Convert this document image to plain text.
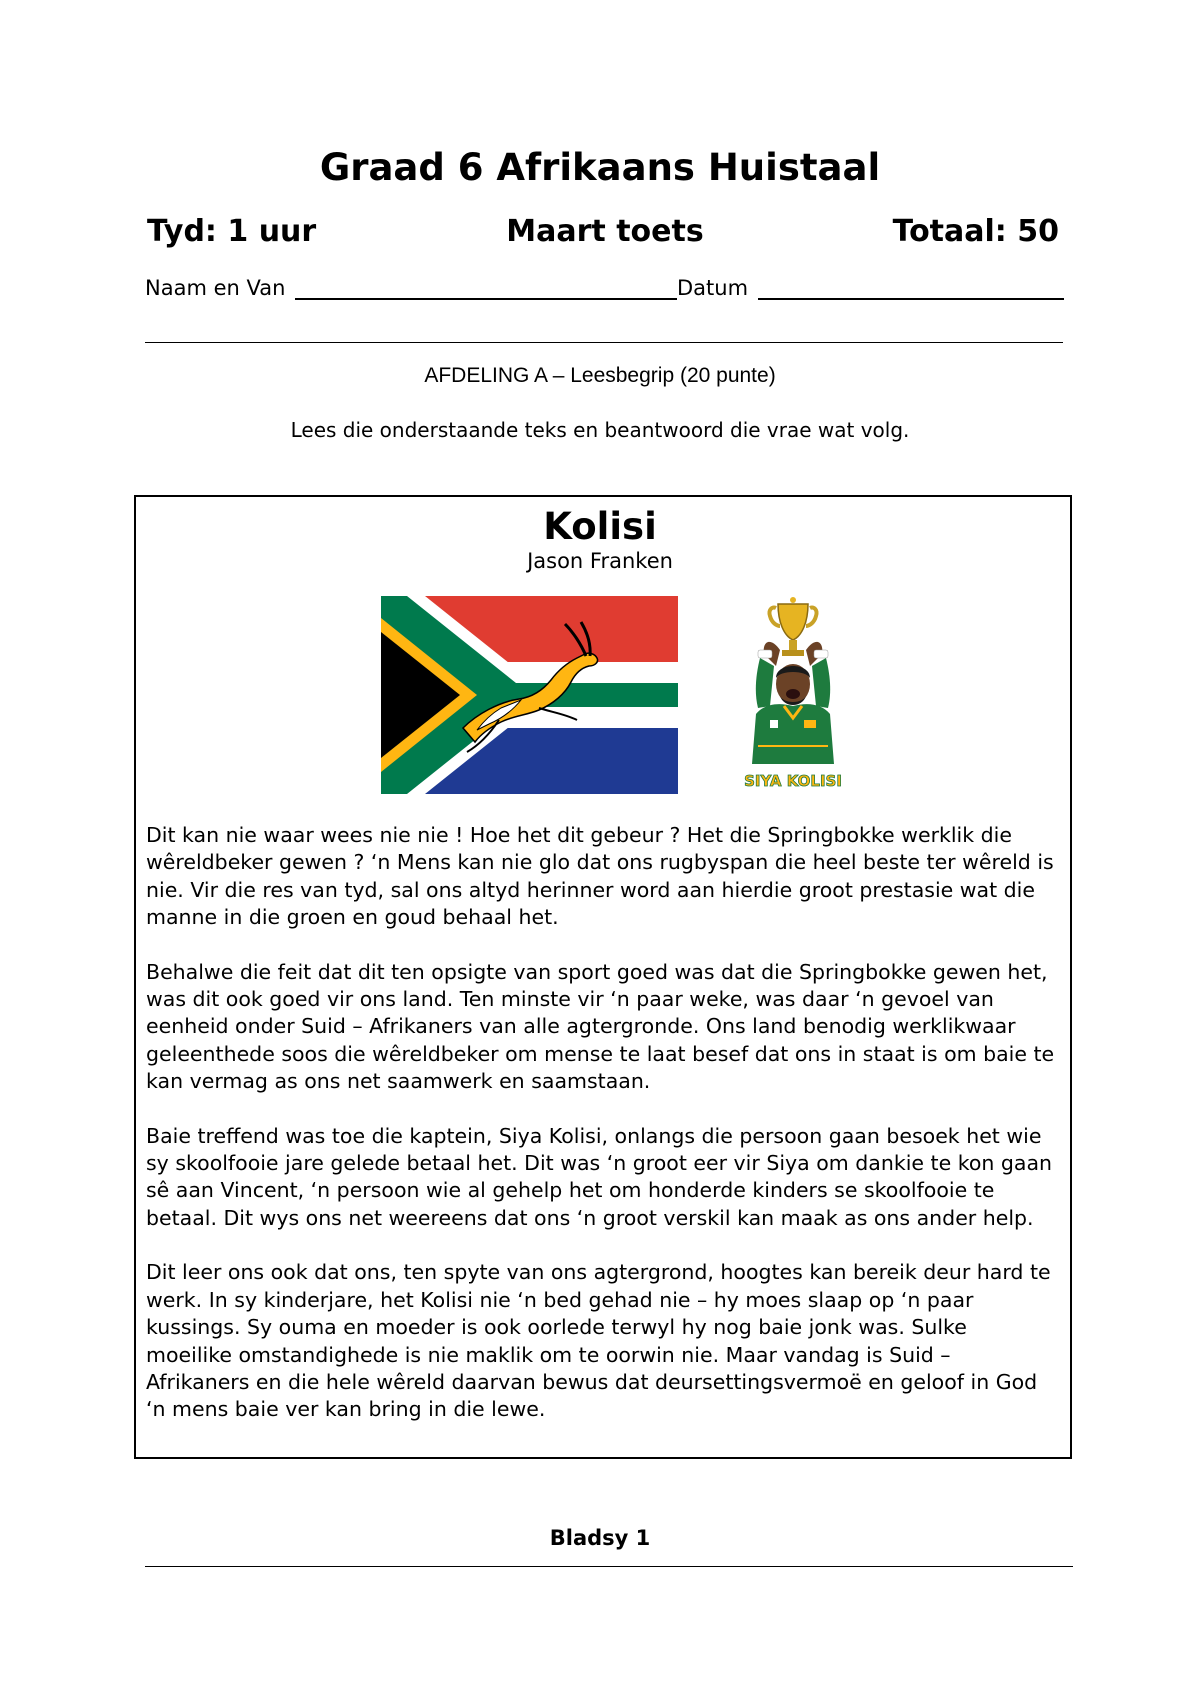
Graad 6 Afrikaans Huistaal
Tyd: 1 uur	Maart toets	Totaal: 50
Naam en Van	Datum
AFDELING A – Leesbegrip (20 punte)
Lees die onderstaande teks en beantwoord die vrae wat volg.
Kolisi
Jason Franken
SIYA KOLISI

Dit kan nie waar wees nie nie ! Hoe het dit gebeur ? Het die Springbokke werklik die wêreldbeker gewen ? ‘n Mens kan nie glo dat ons rugbyspan die heel beste ter wêreld is nie. Vir die res van tyd, sal ons altyd herinner word aan hierdie groot prestasie wat die manne in die groen en goud behaal het.

Behalwe die feit dat dit ten opsigte van sport goed was dat die Springbokke gewen het, was dit ook goed vir ons land. Ten minste vir ‘n paar weke, was daar ‘n gevoel van eenheid onder Suid – Afrikaners van alle agtergronde. Ons land benodig werklikwaar geleenthede soos die wêreldbeker om mense te laat besef dat ons in staat is om baie te kan vermag as ons net saamwerk en saamstaan.

Baie treffend was toe die kaptein, Siya Kolisi, onlangs die persoon gaan besoek het wie sy skoolfooie jare gelede betaal het. Dit was ‘n groot eer vir Siya om dankie te kon gaan sê aan Vincent, ‘n persoon wie al gehelp het om honderde kinders se skoolfooie te betaal. Dit wys ons net weereens dat ons ‘n groot verskil kan maak as ons ander help.

Dit leer ons ook dat ons, ten spyte van ons agtergrond, hoogtes kan bereik deur hard te werk. In sy kinderjare, het Kolisi nie ‘n bed gehad nie – hy moes slaap op ‘n paar kussings. Sy ouma en moeder is ook oorlede terwyl hy nog baie jonk was. Sulke moeilike omstandighede is nie maklik om te oorwin nie. Maar vandag is Suid – Afrikaners en die hele wêreld daarvan bewus dat deursettingsvermoë en geloof in God ‘n mens baie ver kan bring in die lewe.

Bladsy 1
